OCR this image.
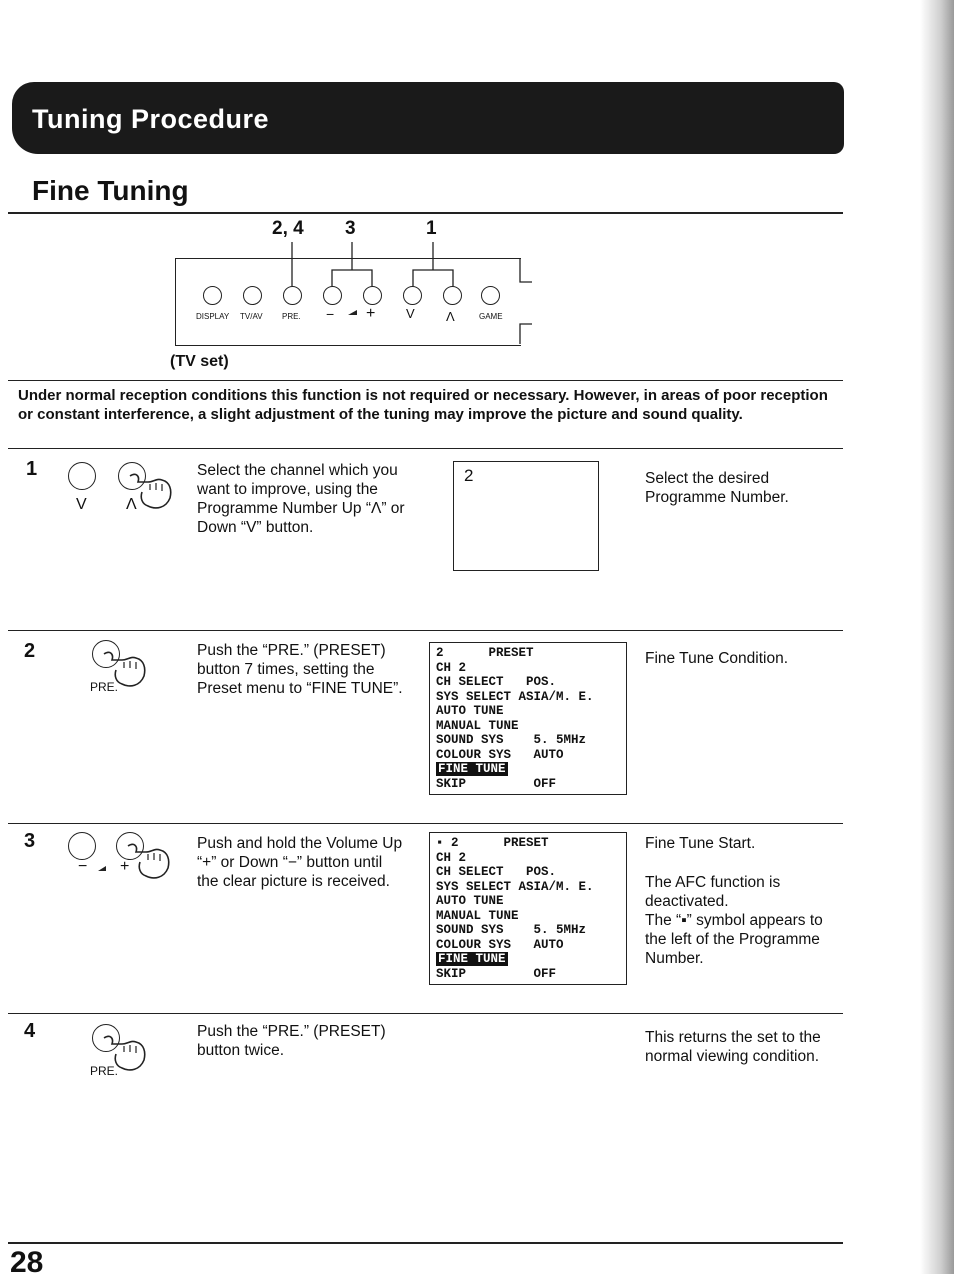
Tuning Procedure
Fine Tuning
2, 4 3	1
DISPLAY TV/AV PRE. − + V Λ	GAME
(TV set)
Under normal reception conditions this function is not required or necessary. However, in areas of poor reception or constant interference, a slight adjustment of the tuning may improve the picture and sound quality.
1
V Λ
Select the channel which you want to improve, using the Programme Number Up “Λ” or Down “V” button.
2	Select the desired Programme Number.
2
PRE.
Push the “PRE.” (PRESET) button 7 times, setting the Preset menu to “FINE TUNE”.
2	PRESET
CH 2
CH SELECT POS.
SYS SELECT ASIA/M. E.
AUTO TUNE
MANUAL TUNE
SOUND SYS 5. 5MHz
COLOUR SYS AUTO
FINE TUNE
SKIP	OFF
Fine Tune Condition.
3
− +
Push and hold the Volume Up “+” or Down “−” button until the clear picture is received.
▪ 2	PRESET
CH 2
CH SELECT POS.
SYS SELECT ASIA/M. E.
AUTO TUNE
MANUAL TUNE
SOUND SYS 5. 5MHz
COLOUR SYS AUTO
FINE TUNE
SKIP	OFF
Fine Tune Start.
The AFC function is deactivated.
The “▪” symbol appears to the left of the Programme Number.
4
PRE.
Push the “PRE.” (PRESET) button twice.
This returns the set to the normal viewing condition.
28
